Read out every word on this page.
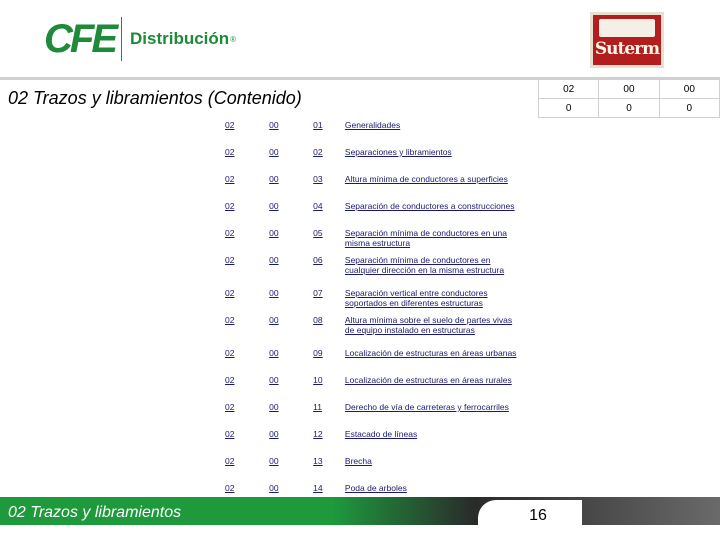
CFE Distribución ®	Suterm
02 Trazos y libramientos (Contenido)	02	00	00
0	0	0
02	00	01	Generalidades
02	00	02	Separaciones y libramientos
02	00	03	Altura mínima de conductores a superficies
02	00	04	Separación de conductores a construcciones
02	00	05	Separación mínima de conductores en una misma estructura
02	00	06	Separación mínima de conductores en cualquier dirección en la misma estructura
02	00	07	Separación vertical entre conductores soportados en diferentes estructuras
02	00	08	Altura mínima sobre el suelo de partes vivas de equipo instalado en estructuras
02	00	09	Localización de estructuras en áreas urbanas
02	00	10	Localización de estructuras en áreas rurales
02	00	11	Derecho de vía de carreteras y ferrocarriles
02	00	12	Estacado de líneas
02	00	13	Brecha
02	00	14	Poda de arboles
02 Trazos y libramientos	16
